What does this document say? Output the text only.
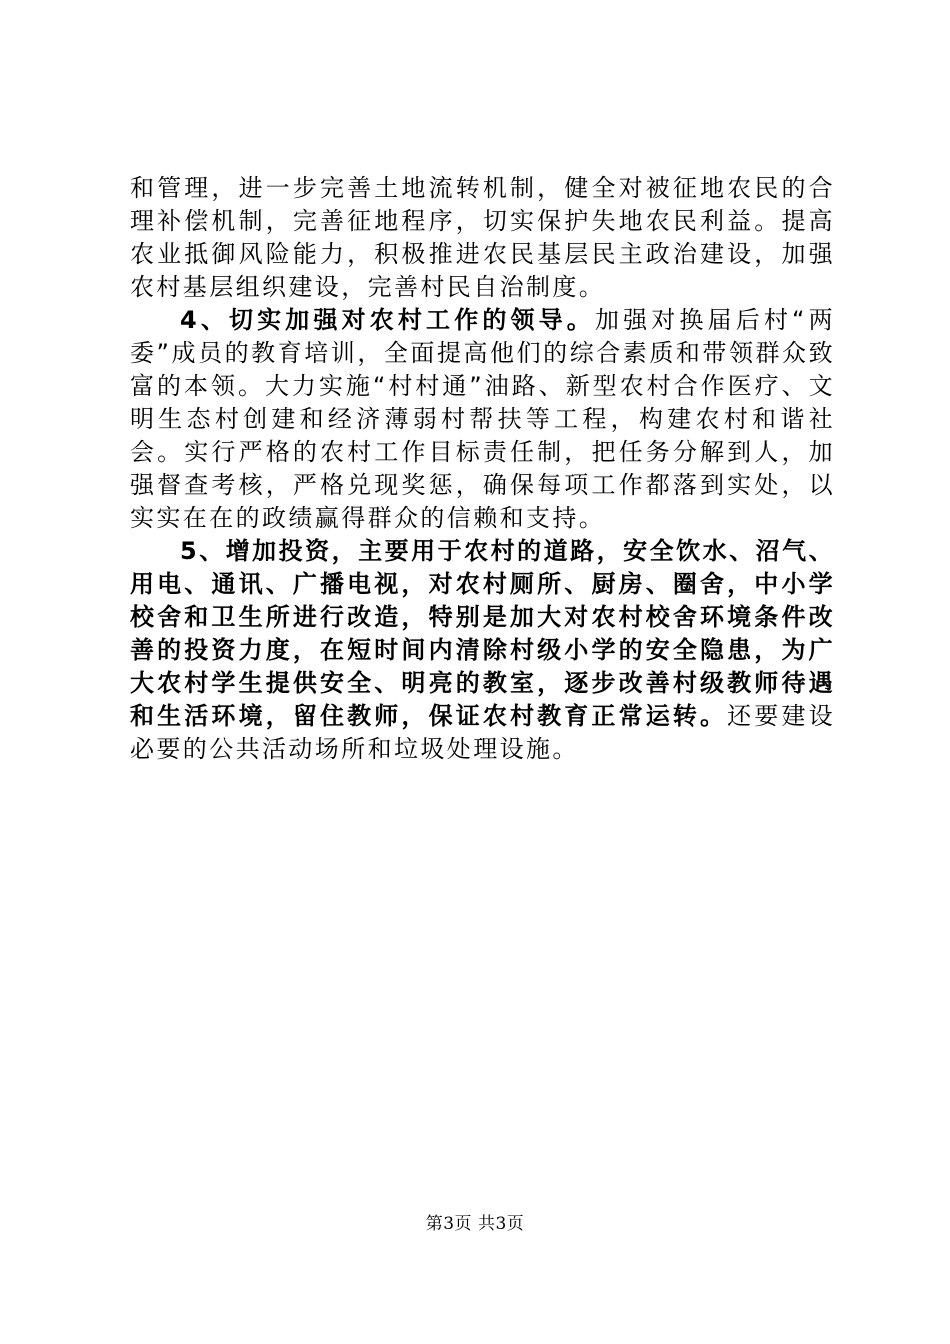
和管理，进一步完善土地流转机制，健全对被征地农民的合理补偿机制，完善征地程序，切实保护失地农民利益。提高农业抵御风险能力，积极推进农民基层民主政治建设，加强农村基层组织建设，完善村民自治制度。

4、切实加强对农村工作的领导。加强对换届后村“两委”成员的教育培训，全面提高他们的综合素质和带领群众致富的本领。大力实施“村村通”油路、新型农村合作医疗、文明生态村创建和经济薄弱村帮扶等工程，构建农村和谐社会。实行严格的农村工作目标责任制，把任务分解到人，加强督查考核，严格兑现奖惩，确保每项工作都落到实处，以实实在在的政绩赢得群众的信赖和支持。

5、增加投资，主要用于农村的道路，安全饮水、沼气、用电、通讯、广播电视，对农村厕所、厨房、圈舍，中小学校舍和卫生所进行改造，特别是加大对农村校舍环境条件改善的投资力度，在短时间内清除村级小学的安全隐患，为广大农村学生提供安全、明亮的教室，逐步改善村级教师待遇和生活环境，留住教师，保证农村教育正常运转。还要建设必要的公共活动场所和垃圾处理设施。

第3页 共3页
